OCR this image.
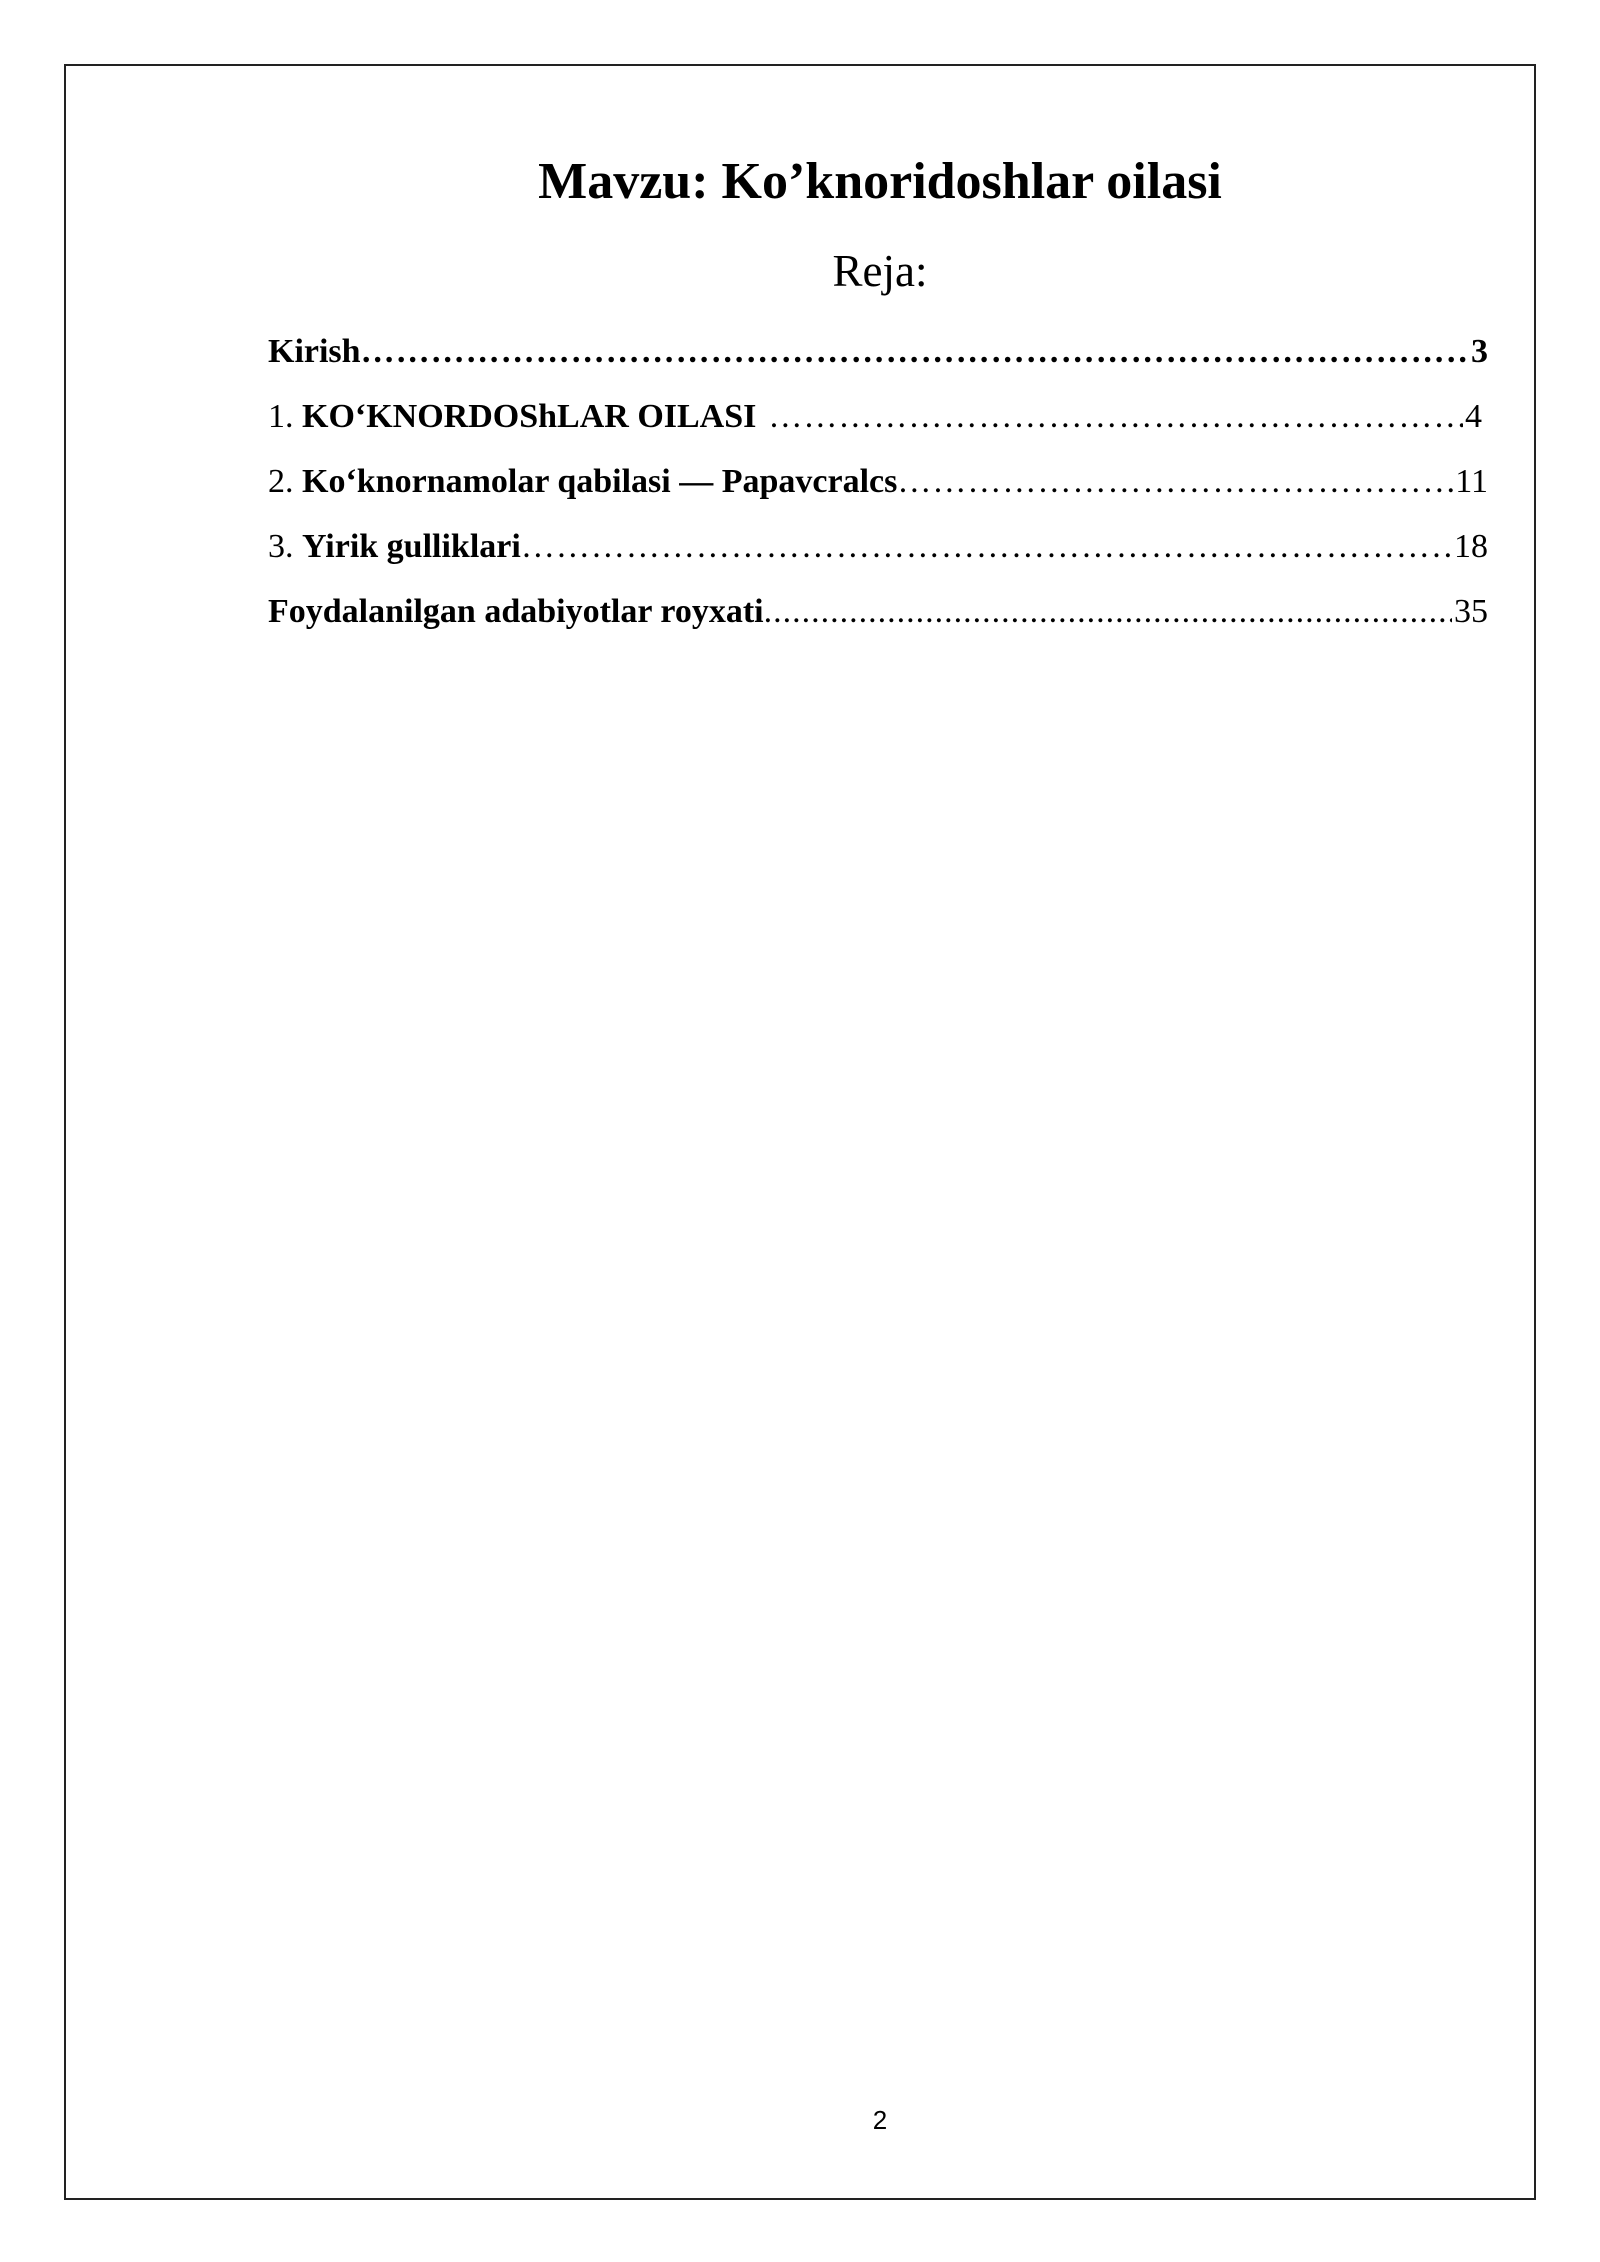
Mavzu: Ko’knoridoshlar oilasi
Reja:
Kirish ………………………………………………………………………………………………………………………………………………………………………………	3
1. KO‘KNORDOShLAR OILASI ………………………………………………………………………………………………………………………………………………………………………………	4
2. Ko‘knornamolar qabilasi — Papavcralcs ………………………………………………………………………………………………………………………………………………………………………………	11
3. Yirik gulliklari ………………………………………………………………………………………………………………………………………………………………………………	18
Foydalanilgan adabiyotlar royxati .....	35
2
